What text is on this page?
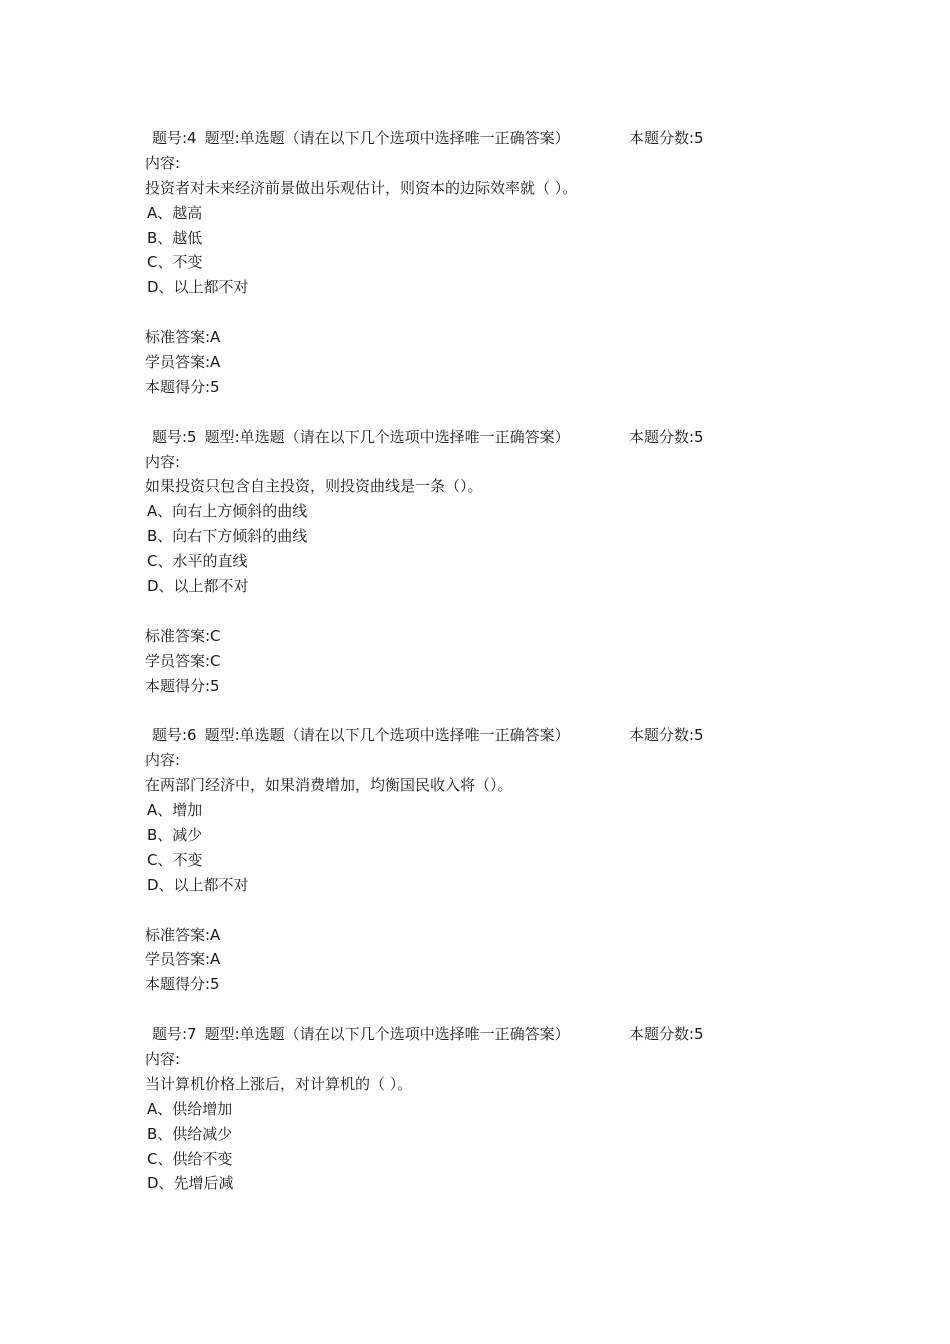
题号:4 题型:单选题（请在以下几个选项中选择唯一正确答案）	本题分数:5
内容:
投资者对未来经济前景做出乐观估计，则资本的边际效率就（ ）。
A、越高
B、越低
C、不变
D、以上都不对
标准答案:A
学员答案:A
本题得分:5
题号:5 题型:单选题（请在以下几个选项中选择唯一正确答案）	本题分数:5
内容:
如果投资只包含自主投资，则投资曲线是一条（）。
A、向右上方倾斜的曲线
B、向右下方倾斜的曲线
C、水平的直线
D、以上都不对
标准答案:C
学员答案:C
本题得分:5
题号:6 题型:单选题（请在以下几个选项中选择唯一正确答案）	本题分数:5
内容:
在两部门经济中，如果消费增加，均衡国民收入将（）。
A、增加
B、减少
C、不变
D、以上都不对
标准答案:A
学员答案:A
本题得分:5
题号:7 题型:单选题（请在以下几个选项中选择唯一正确答案）	本题分数:5
内容:
当计算机价格上涨后，对计算机的（ ）。
A、供给增加
B、供给减少
C、供给不变
D、先增后减
